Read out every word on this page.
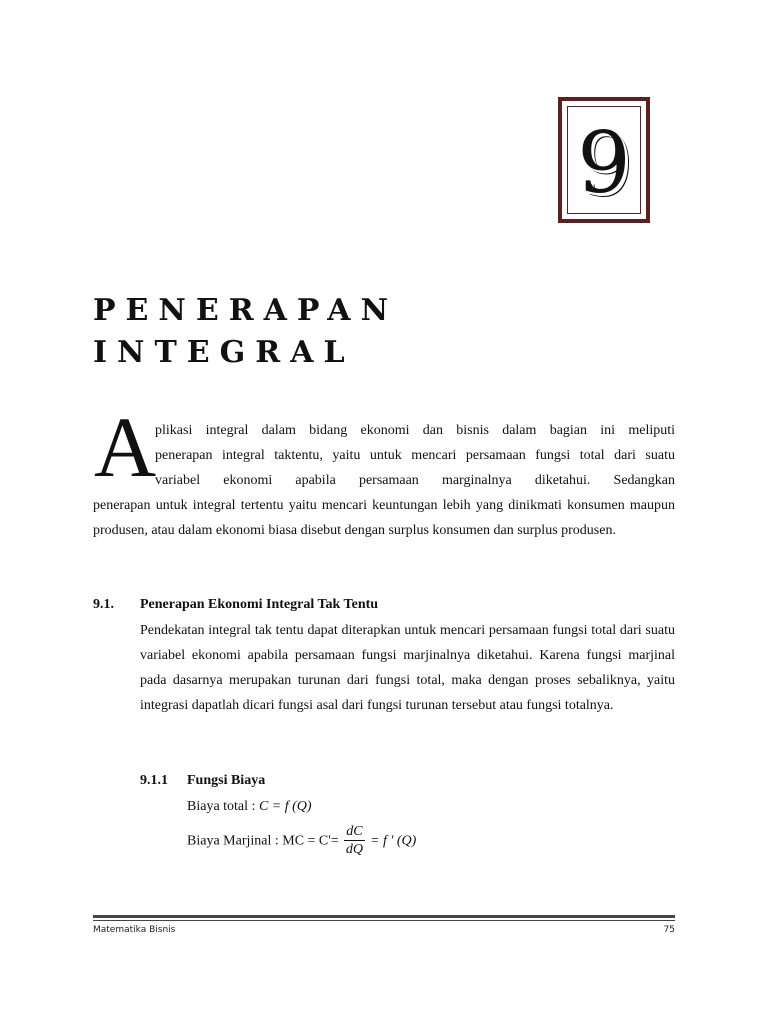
9
PENERAPAN
INTEGRAL
A
plikasi integral dalam bidang ekonomi dan bisnis dalam bagian ini meliputi
penerapan integral taktentu, yaitu untuk mencari persamaan fungsi total dari suatu
variabel ekonomi apabila persamaan marginalnya diketahui. Sedangkan
penerapan untuk integral tertentu yaitu mencari keuntungan lebih yang dinikmati konsumen maupun produsen, atau dalam ekonomi biasa disebut dengan surplus konsumen dan surplus produsen.
9.1. Penerapan Ekonomi Integral Tak Tentu
Pendekatan integral tak tentu dapat diterapkan untuk mencari persamaan fungsi total dari suatu variabel ekonomi apabila persamaan fungsi marjinalnya diketahui. Karena fungsi marjinal pada dasarnya merupakan turunan dari fungsi total, maka dengan proses sebaliknya, yaitu integrasi dapatlah dicari fungsi asal dari fungsi turunan tersebut atau fungsi totalnya.
9.1.1 Fungsi Biaya
Biaya total : C = f (Q)
Biaya Marjinal : MC = $C'= \frac{dC}{dQ} = f$ ' (Q)
Matematika Bisnis	75
